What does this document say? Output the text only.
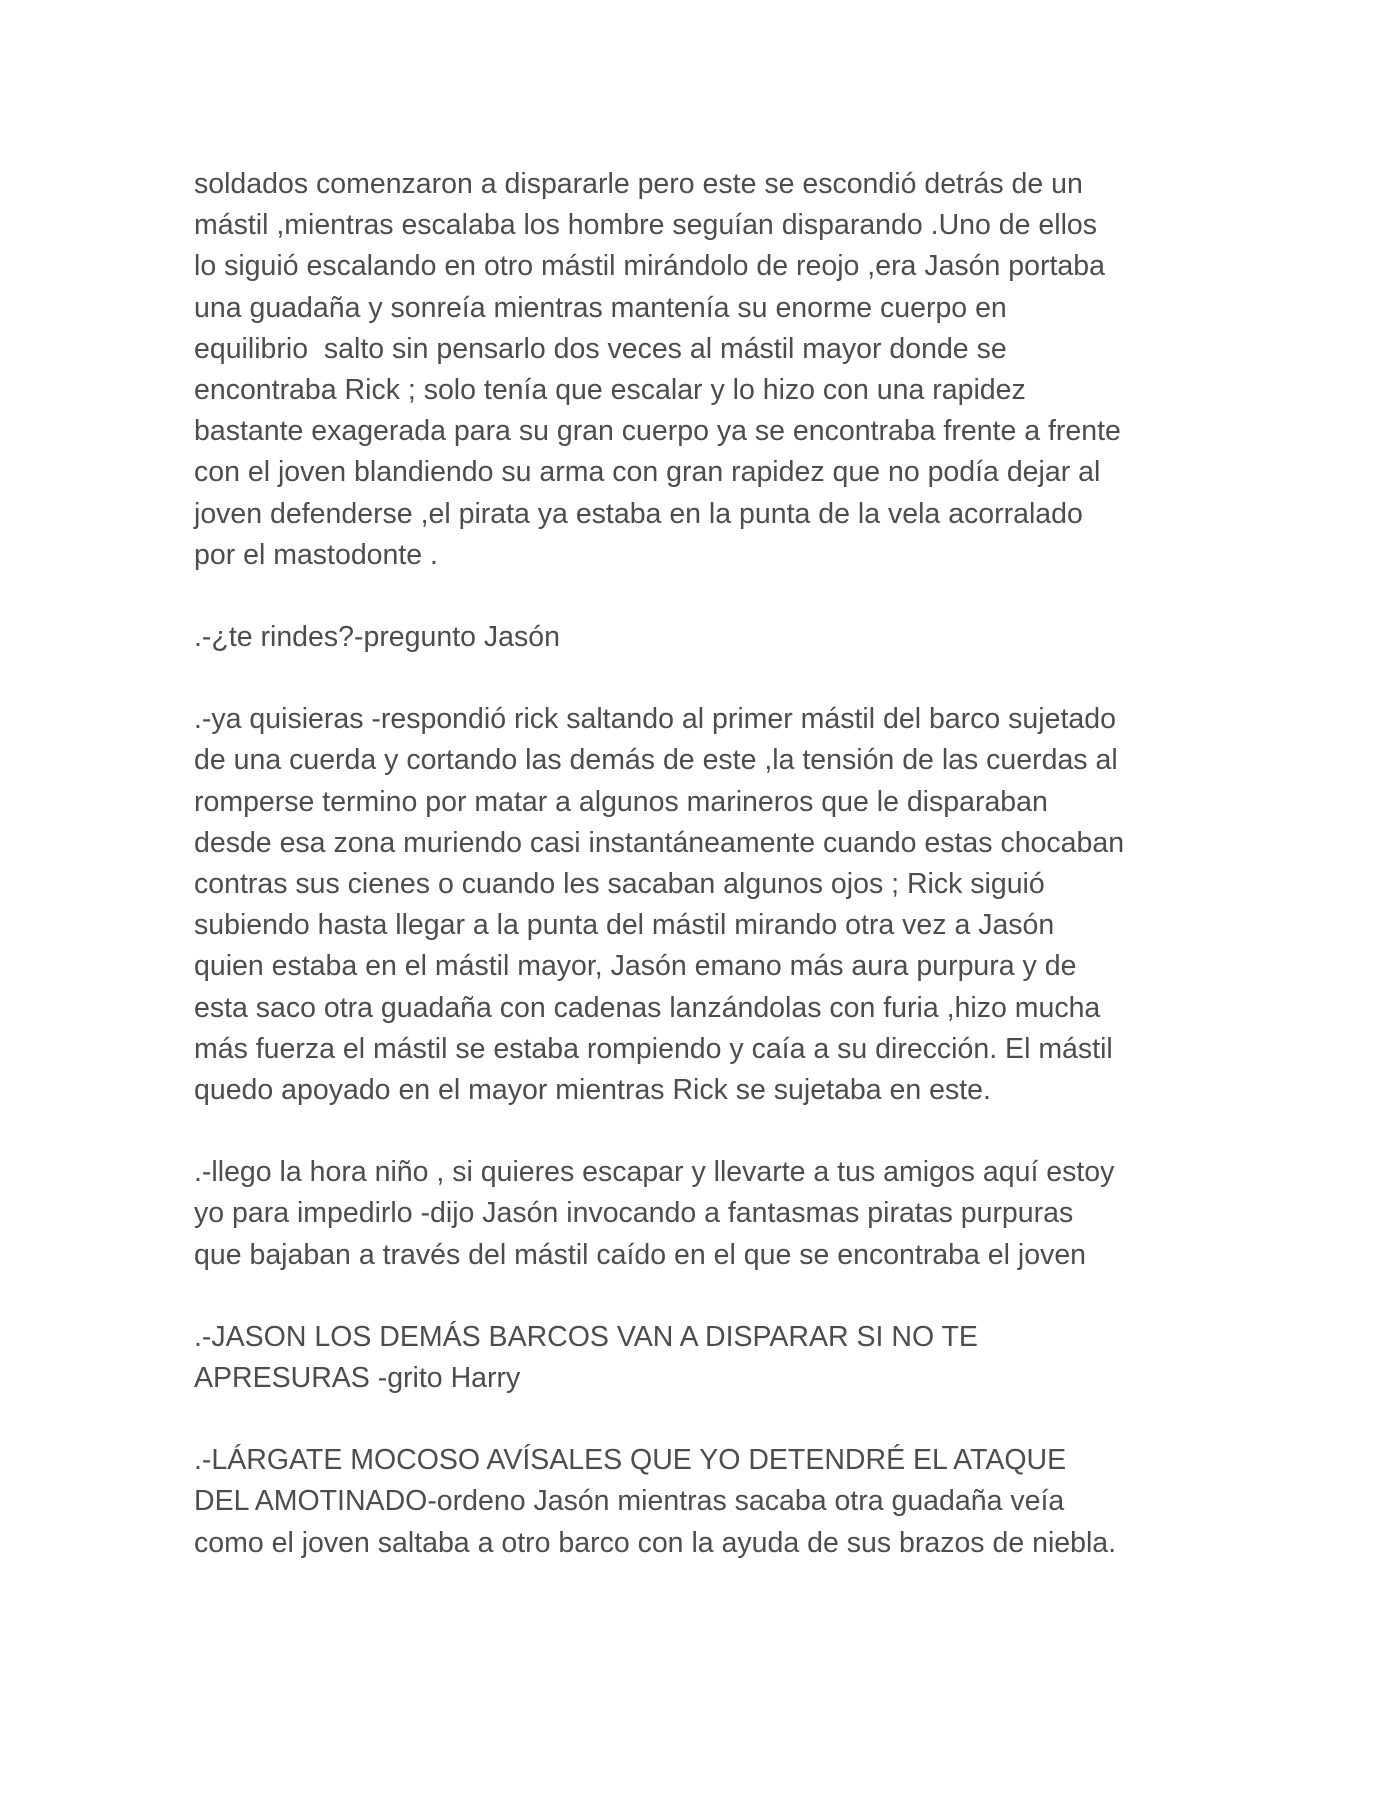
soldados comenzaron a dispararle pero este se escondió detrás de un
mástil ,mientras escalaba los hombre seguían disparando .Uno de ellos
lo siguió escalando en otro mástil mirándolo de reojo ,era Jasón portaba
una guadaña y sonreía mientras mantenía su enorme cuerpo en
equilibrio  salto sin pensarlo dos veces al mástil mayor donde se
encontraba Rick ; solo tenía que escalar y lo hizo con una rapidez
bastante exagerada para su gran cuerpo ya se encontraba frente a frente
con el joven blandiendo su arma con gran rapidez que no podía dejar al
joven defenderse ,el pirata ya estaba en la punta de la vela acorralado
por el mastodonte .

.-¿te rindes?-pregunto Jasón

.-ya quisieras -respondió rick saltando al primer mástil del barco sujetado
de una cuerda y cortando las demás de este ,la tensión de las cuerdas al
romperse termino por matar a algunos marineros que le disparaban
desde esa zona muriendo casi instantáneamente cuando estas chocaban
contras sus cienes o cuando les sacaban algunos ojos ; Rick siguió
subiendo hasta llegar a la punta del mástil mirando otra vez a Jasón
quien estaba en el mástil mayor, Jasón emano más aura purpura y de
esta saco otra guadaña con cadenas lanzándolas con furia ,hizo mucha
más fuerza el mástil se estaba rompiendo y caía a su dirección. El mástil
quedo apoyado en el mayor mientras Rick se sujetaba en este.

.-llego la hora niño , si quieres escapar y llevarte a tus amigos aquí estoy
yo para impedirlo -dijo Jasón invocando a fantasmas piratas purpuras
que bajaban a través del mástil caído en el que se encontraba el joven

.-JASON LOS DEMÁS BARCOS VAN A DISPARAR SI NO TE
APRESURAS -grito Harry

.-LÁRGATE MOCOSO AVÍSALES QUE YO DETENDRÉ EL ATAQUE
DEL AMOTINADO-ordeno Jasón mientras sacaba otra guadaña veía
como el joven saltaba a otro barco con la ayuda de sus brazos de niebla.
